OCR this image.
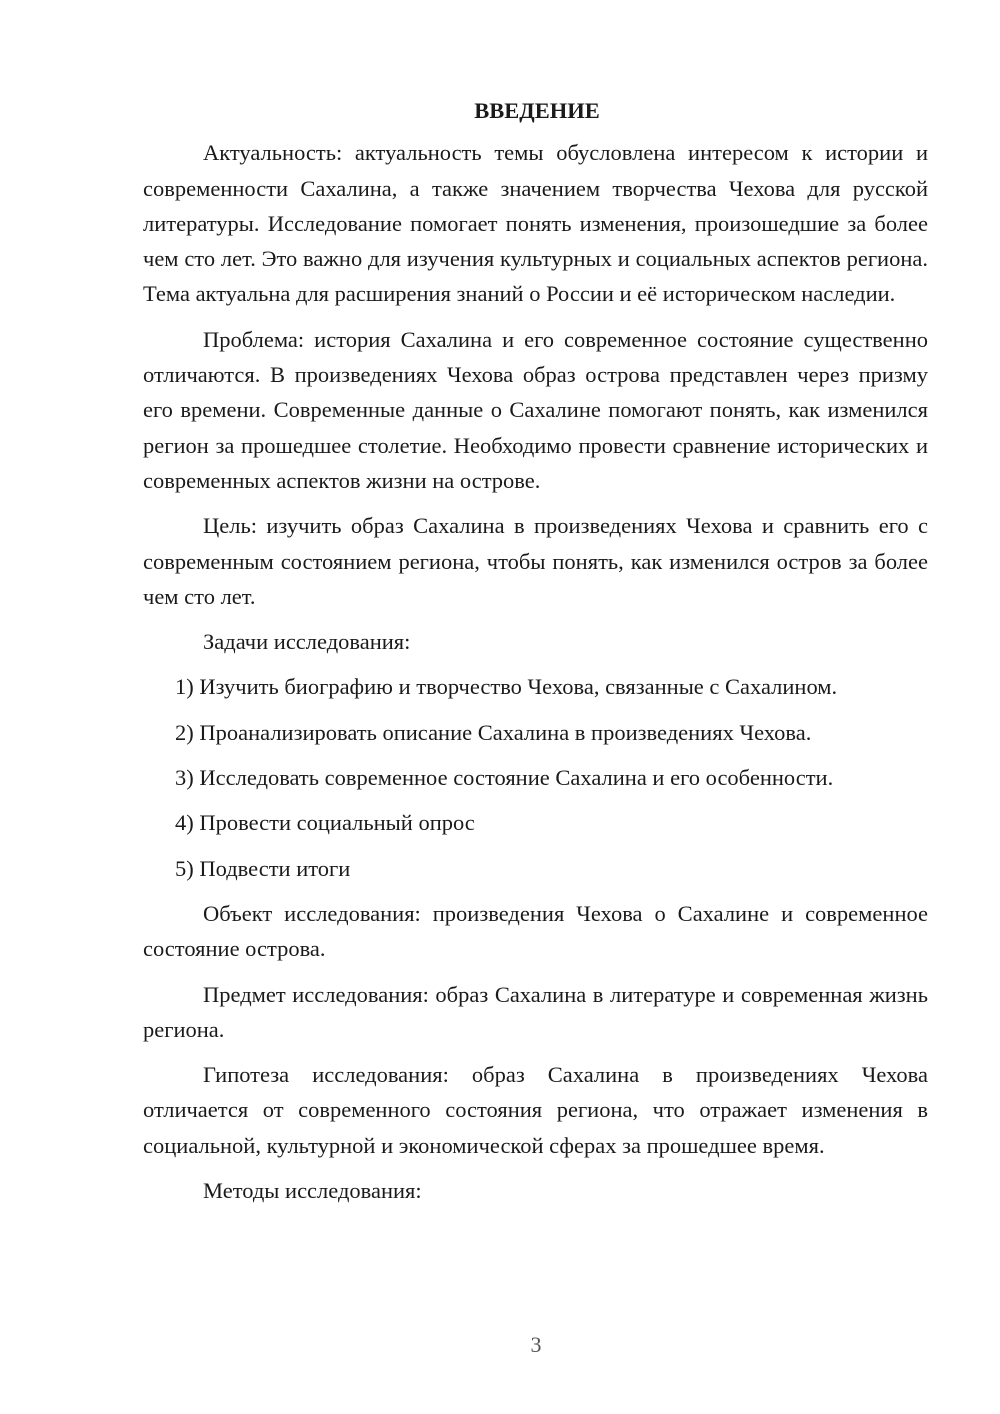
ВВЕДЕНИЕ

Актуальность: актуальность темы обусловлена интересом к истории и современности Сахалина, а также значением творчества Чехова для русской литературы. Исследование помогает понять изменения, произошедшие за более чем сто лет. Это важно для изучения культурных и социальных аспектов региона. Тема актуальна для расширения знаний о России и её историческом наследии.

Проблема: история Сахалина и его современное состояние существенно отличаются. В произведениях Чехова образ острова представлен через призму его времени. Современные данные о Сахалине помогают понять, как изменился регион за прошедшее столетие. Необходимо провести сравнение исторических и современных аспектов жизни на острове.

Цель: изучить образ Сахалина в произведениях Чехова и сравнить его с современным состоянием региона, чтобы понять, как изменился остров за более чем сто лет.

Задачи исследования:

1) Изучить биографию и творчество Чехова, связанные с Сахалином.

2) Проанализировать описание Сахалина в произведениях Чехова.

3) Исследовать современное состояние Сахалина и его особенности.

4) Провести социальный опрос

5) Подвести итоги

Объект исследования: произведения Чехова о Сахалине и современное состояние острова.

Предмет исследования: образ Сахалина в литературе и современная жизнь региона.

Гипотеза исследования: образ Сахалина в произведениях Чехова отличается от современного состояния региона, что отражает изменения в социальной, культурной и экономической сферах за прошедшее время.

Методы исследования:

3
